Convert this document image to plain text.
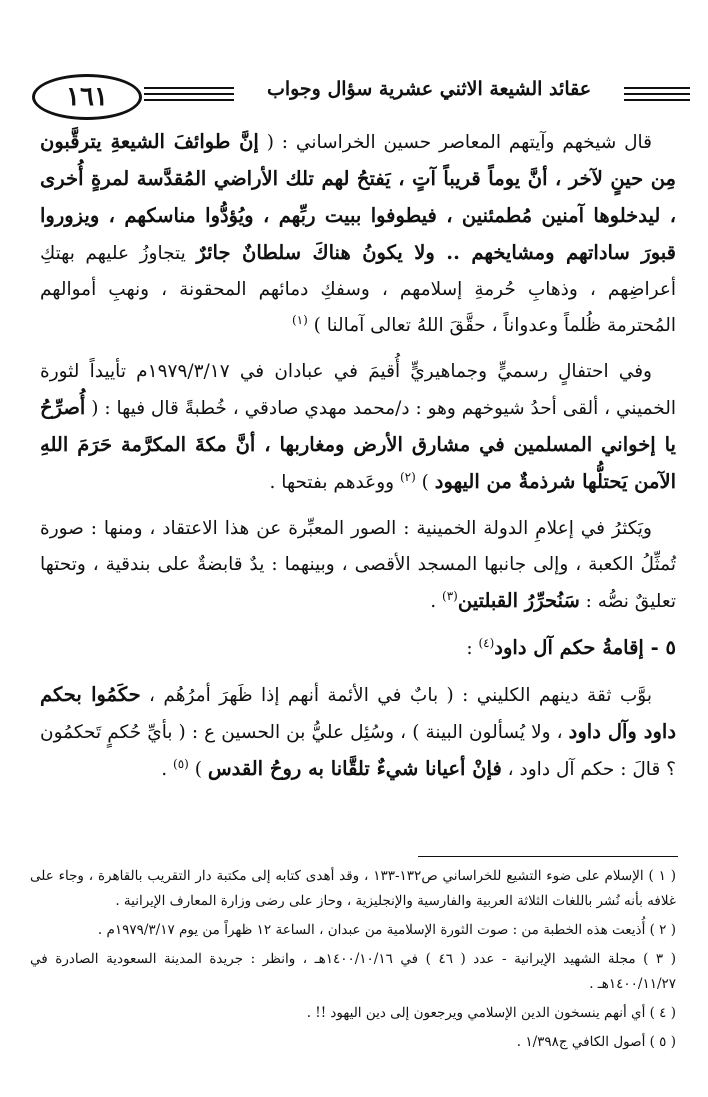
١٦١	عقائد الشيعة الاثني عشرية سؤال وجواب

قال شيخهم وآيتهم المعاصر حسين الخراساني : ( إنَّ طوائفَ الشيعةِ يترقَّبون مِن حينٍ لآخر ، أنَّ يوماً قريباً آتٍ ، يَفتحُ لهم تلك الأراضي المُقدَّسة لمرةٍ أُخرى ، ليدخلوها آمنين مُطمئنين ، فيطوفوا ببيت ربِّهم ، ويُؤدُّوا مناسكهم ، ويزوروا قبورَ ساداتهم ومشايخهم .. ولا يكونُ هناكَ سلطانٌ جائرٌ يتجاوزُ عليهم بهتكِ أعراضِهم ، وذهابِ حُرمةِ إسلامهم ، وسفكِ دمائهم المحقونة ، ونهبِ أموالهم المُحترمة ظُلماً وعدواناً ، حقَّقَ اللهُ تعالى آمالنا ) $^{(١)}$

وفي احتفالٍ رسميٍّ وجماهيريٍّ أُقيمَ في عبادان في ١٩٧٩/٣/١٧م تأييداً لثورة الخميني ، ألقى أحدُ شيوخهم وهو : د/محمد مهدي صادقي ، خُطبةً قال فيها : ( أُصرِّحُ يا إخواني المسلمين في مشارق الأرض ومغاربها ، أنَّ مكةَ المكرَّمة حَرَمَ اللهِ الآمن يَحتلُّها شرذمةٌ من اليهود ) $^{(٢)}$ ووعَدهم بفتحها .

ويَكثرُ في إعلامِ الدولة الخمينية : الصور المعبِّرة عن هذا الاعتقاد ، ومنها : صورة تُمثِّلُ الكعبة ، وإلى جانبها المسجد الأقصى ، وبينهما : يدٌ قابضةٌ على بندقية ، وتحتها تعليقٌ نصُّه : سَنُحرِّرُ القبلتين$^{(٣)}$ .

٥ - إقامةُ حكم آل داود$^{(٤)}$ :

بوَّب ثقة دينهم الكليني : ( بابٌ في الأئمة أنهم إذا ظَهرَ أمرُهُم ، حكَمُوا بحكم داود وآل داود ، ولا يُسألون البينة ) ، وسُئِل عليُّ بن الحسين ع : ( بأيِّ حُكمٍ تَحكمُون ؟ قالَ : حكم آل داود ، فإنْ أعيانا شيءٌ تلقَّانا به روحُ القدس ) $^{(٥)}$ .

( ١ ) الإسلام على ضوء التشيع للخراساني ص١٣٢-١٣٣ ، وقد أهدى كتابه إلى مكتبة دار التقريب بالقاهرة ، وجاء على غلافه بأنه نُشر باللغات الثلاثة العربية والفارسية والإنجليزية ، وحاز على رضى وزارة المعارف الإيرانية .

( ٢ ) أُذيعت هذه الخطبة من : صوت الثورة الإسلامية من عبدان ، الساعة ١٢ ظهراً من يوم ١٩٧٩/٣/١٧م .

( ٣ ) مجلة الشهيد الإيرانية - عدد ( ٤٦ ) في ١٤٠٠/١٠/١٦هـ ، وانظر : جريدة المدينة السعودية الصادرة في ١٤٠٠/١١/٢٧هـ .

( ٤ ) أي أنهم ينسخون الدين الإسلامي ويرجعون إلى دين اليهود !! .

( ٥ ) أصول الكافي ج١/٣٩٨ .
